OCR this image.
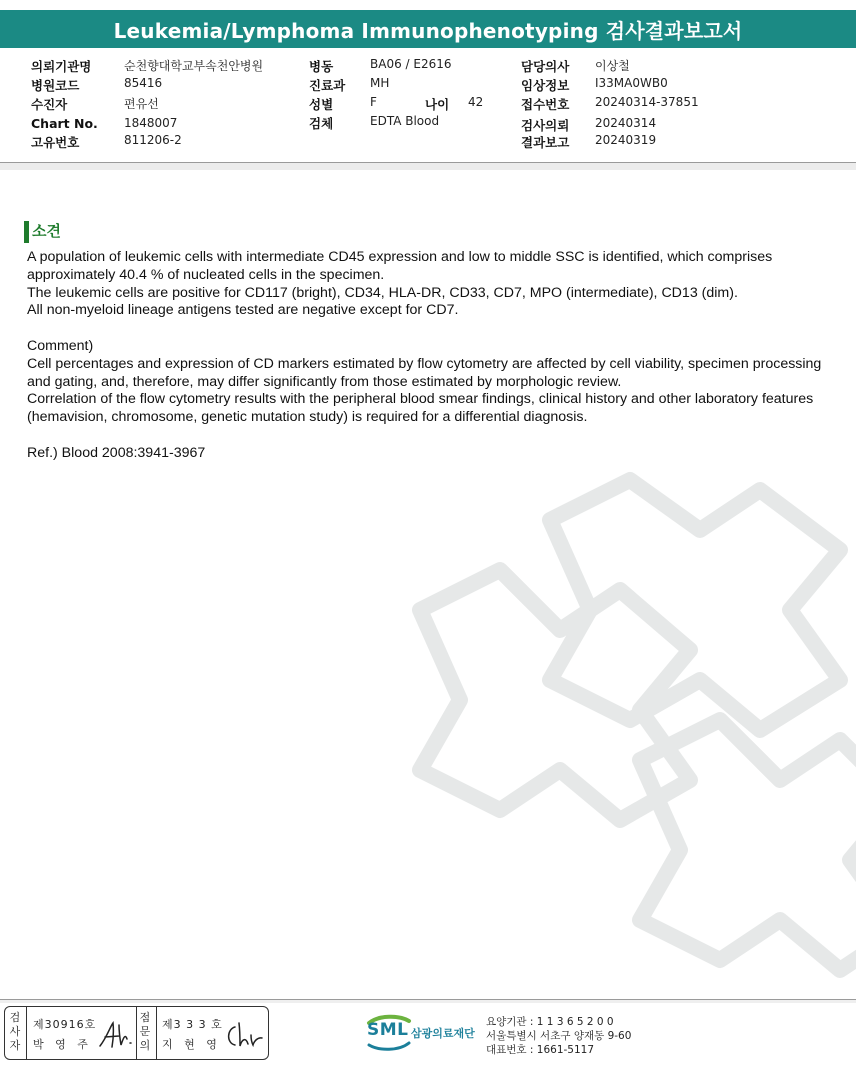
Leukemia/Lymphoma Immunophenotyping 검사결과보고서
의뢰기관명	순천향대학교부속천안병원
병원코드	85416
수진자	편유선
Chart No. 1848007
고유번호	811206-2
병동	BA06 / E2616
진료과 MH
성별	F	나이 42
검체	EDTA Blood
담당의사 이상철
임상정보 I33MA0WB0
접수번호 20240314-37851
검사의뢰 20240314
결과보고 20240319
소견

A population of leukemic cells with intermediate CD45 expression and low to middle SSC is identified, which comprises approximately 40.4 % of nucleated cells in the specimen.

The leukemic cells are positive for CD117 (bright), CD34, HLA-DR, CD33, CD7, MPO (intermediate), CD13 (dim).

All non-myeloid lineage antigens tested are negative except for CD7.

Comment)

Cell percentages and expression of CD markers estimated by flow cytometry are affected by cell viability, specimen processing and gating, and, therefore, may differ significantly from those estimated by morphologic review.

Correlation of the flow cytometry results with the peripheral blood smear findings, clinical history and other laboratory features (hemavision, chromosome, genetic mutation study) is required for a differential diagnosis.

Ref.) Blood 2008:3941-3967

검
사
자
제30916호
박 영 주
점
문
의
제3 3 3 호
지 현 영
SML 삼광의료재단
요양기관 : 1 1 3 6 5 2 0 0
서울특별시 서초구 양재동 9-60
대표번호 : 1661-5117
